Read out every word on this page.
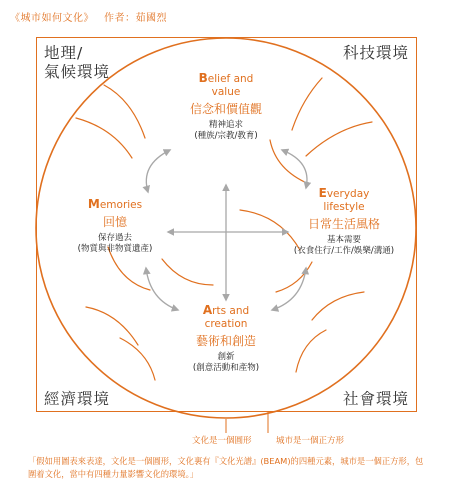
《城市如何文化》 作者：茹國烈
地理/
氣候環境
科技環境
經濟環境	社會環境
Belief and
value
信念和價值觀
精神追求
(種族/宗教/教育)
Everyday
lifestyle
日常生活風格
基本需要
(衣食住行/工作/娛樂/溝通)
Memories
回憶
保存過去
(物質與非物質遺產)
Arts and
creation
藝術和創造
創新
(創意活動和產物)
文化是一個圓形	城市是一個正方形
「假如用圖表來表達，文化是一個圓形，文化裏有『文化光譜』(BEAM)的四種元素，城市是一個正方形，包圍着文化，當中有四種力量影響文化的環境。」
